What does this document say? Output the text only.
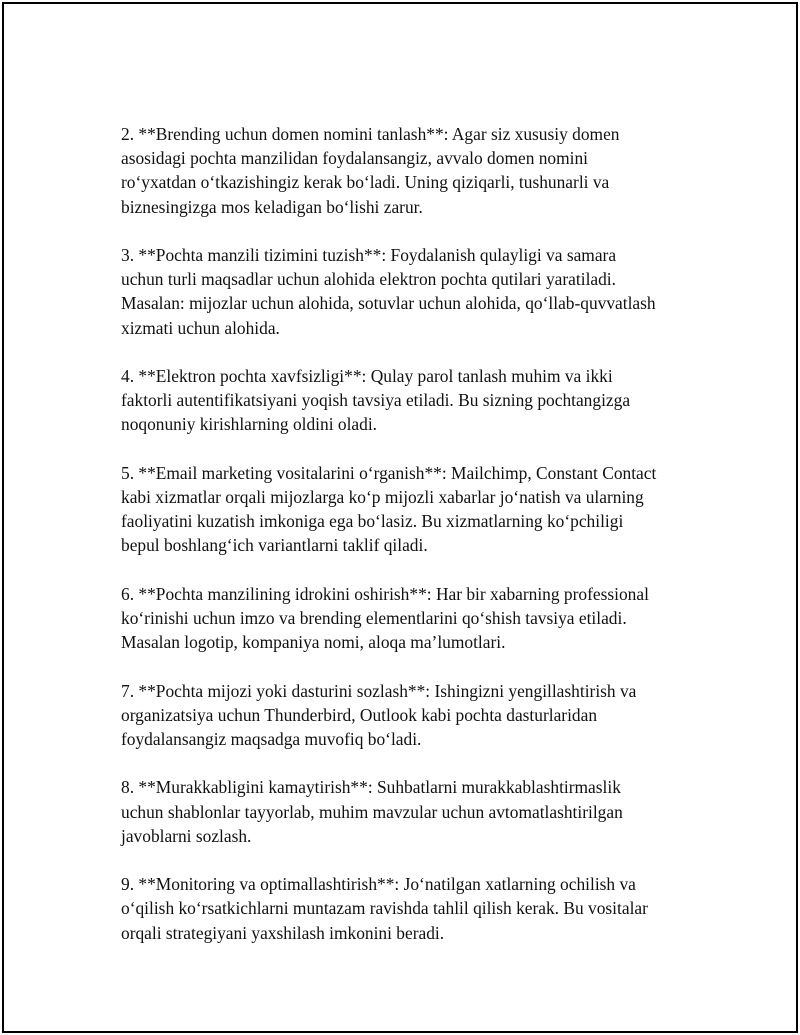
2. **Brending uchun domen nomini tanlash**: Agar siz xususiy domen
asosidagi pochta manzilidan foydalansangiz, avvalo domen nomini
roʻyxatdan oʻtkazishingiz kerak boʻladi. Uning qiziqarli, tushunarli va
biznesingizga mos keladigan boʻlishi zarur.

3. **Pochta manzili tizimini tuzish**: Foydalanish qulayligi va samara
uchun turli maqsadlar uchun alohida elektron pochta qutilari yaratiladi.
Masalan: mijozlar uchun alohida, sotuvlar uchun alohida, qoʻllab-quvvatlash
xizmati uchun alohida.

4. **Elektron pochta xavfsizligi**: Qulay parol tanlash muhim va ikki
faktorli autentifikatsiyani yoqish tavsiya etiladi. Bu sizning pochtangizga
noqonuniy kirishlarning oldini oladi.

5. **Email marketing vositalarini oʻrganish**: Mailchimp, Constant Contact
kabi xizmatlar orqali mijozlarga koʻp mijozli xabarlar joʻnatish va ularning
faoliyatini kuzatish imkoniga ega boʻlasiz. Bu xizmatlarning koʻpchiligi
bepul boshlangʻich variantlarni taklif qiladi.

6. **Pochta manzilining idrokini oshirish**: Har bir xabarning professional
koʻrinishi uchun imzo va brending elementlarini qoʻshish tavsiya etiladi.
Masalan logotip, kompaniya nomi, aloqa maʼlumotlari.

7. **Pochta mijozi yoki dasturini sozlash**: Ishingizni yengillashtirish va
organizatsiya uchun Thunderbird, Outlook kabi pochta dasturlaridan
foydalansangiz maqsadga muvofiq boʻladi.

8. **Murakkabligini kamaytirish**: Suhbatlarni murakkablashtirmaslik
uchun shablonlar tayyorlab, muhim mavzular uchun avtomatlashtirilgan
javoblarni sozlash.

9. **Monitoring va optimallashtirish**: Joʻnatilgan xatlarning ochilish va
oʻqilish koʻrsatkichlarni muntazam ravishda tahlil qilish kerak. Bu vositalar
orqali strategiyani yaxshilash imkonini beradi.
